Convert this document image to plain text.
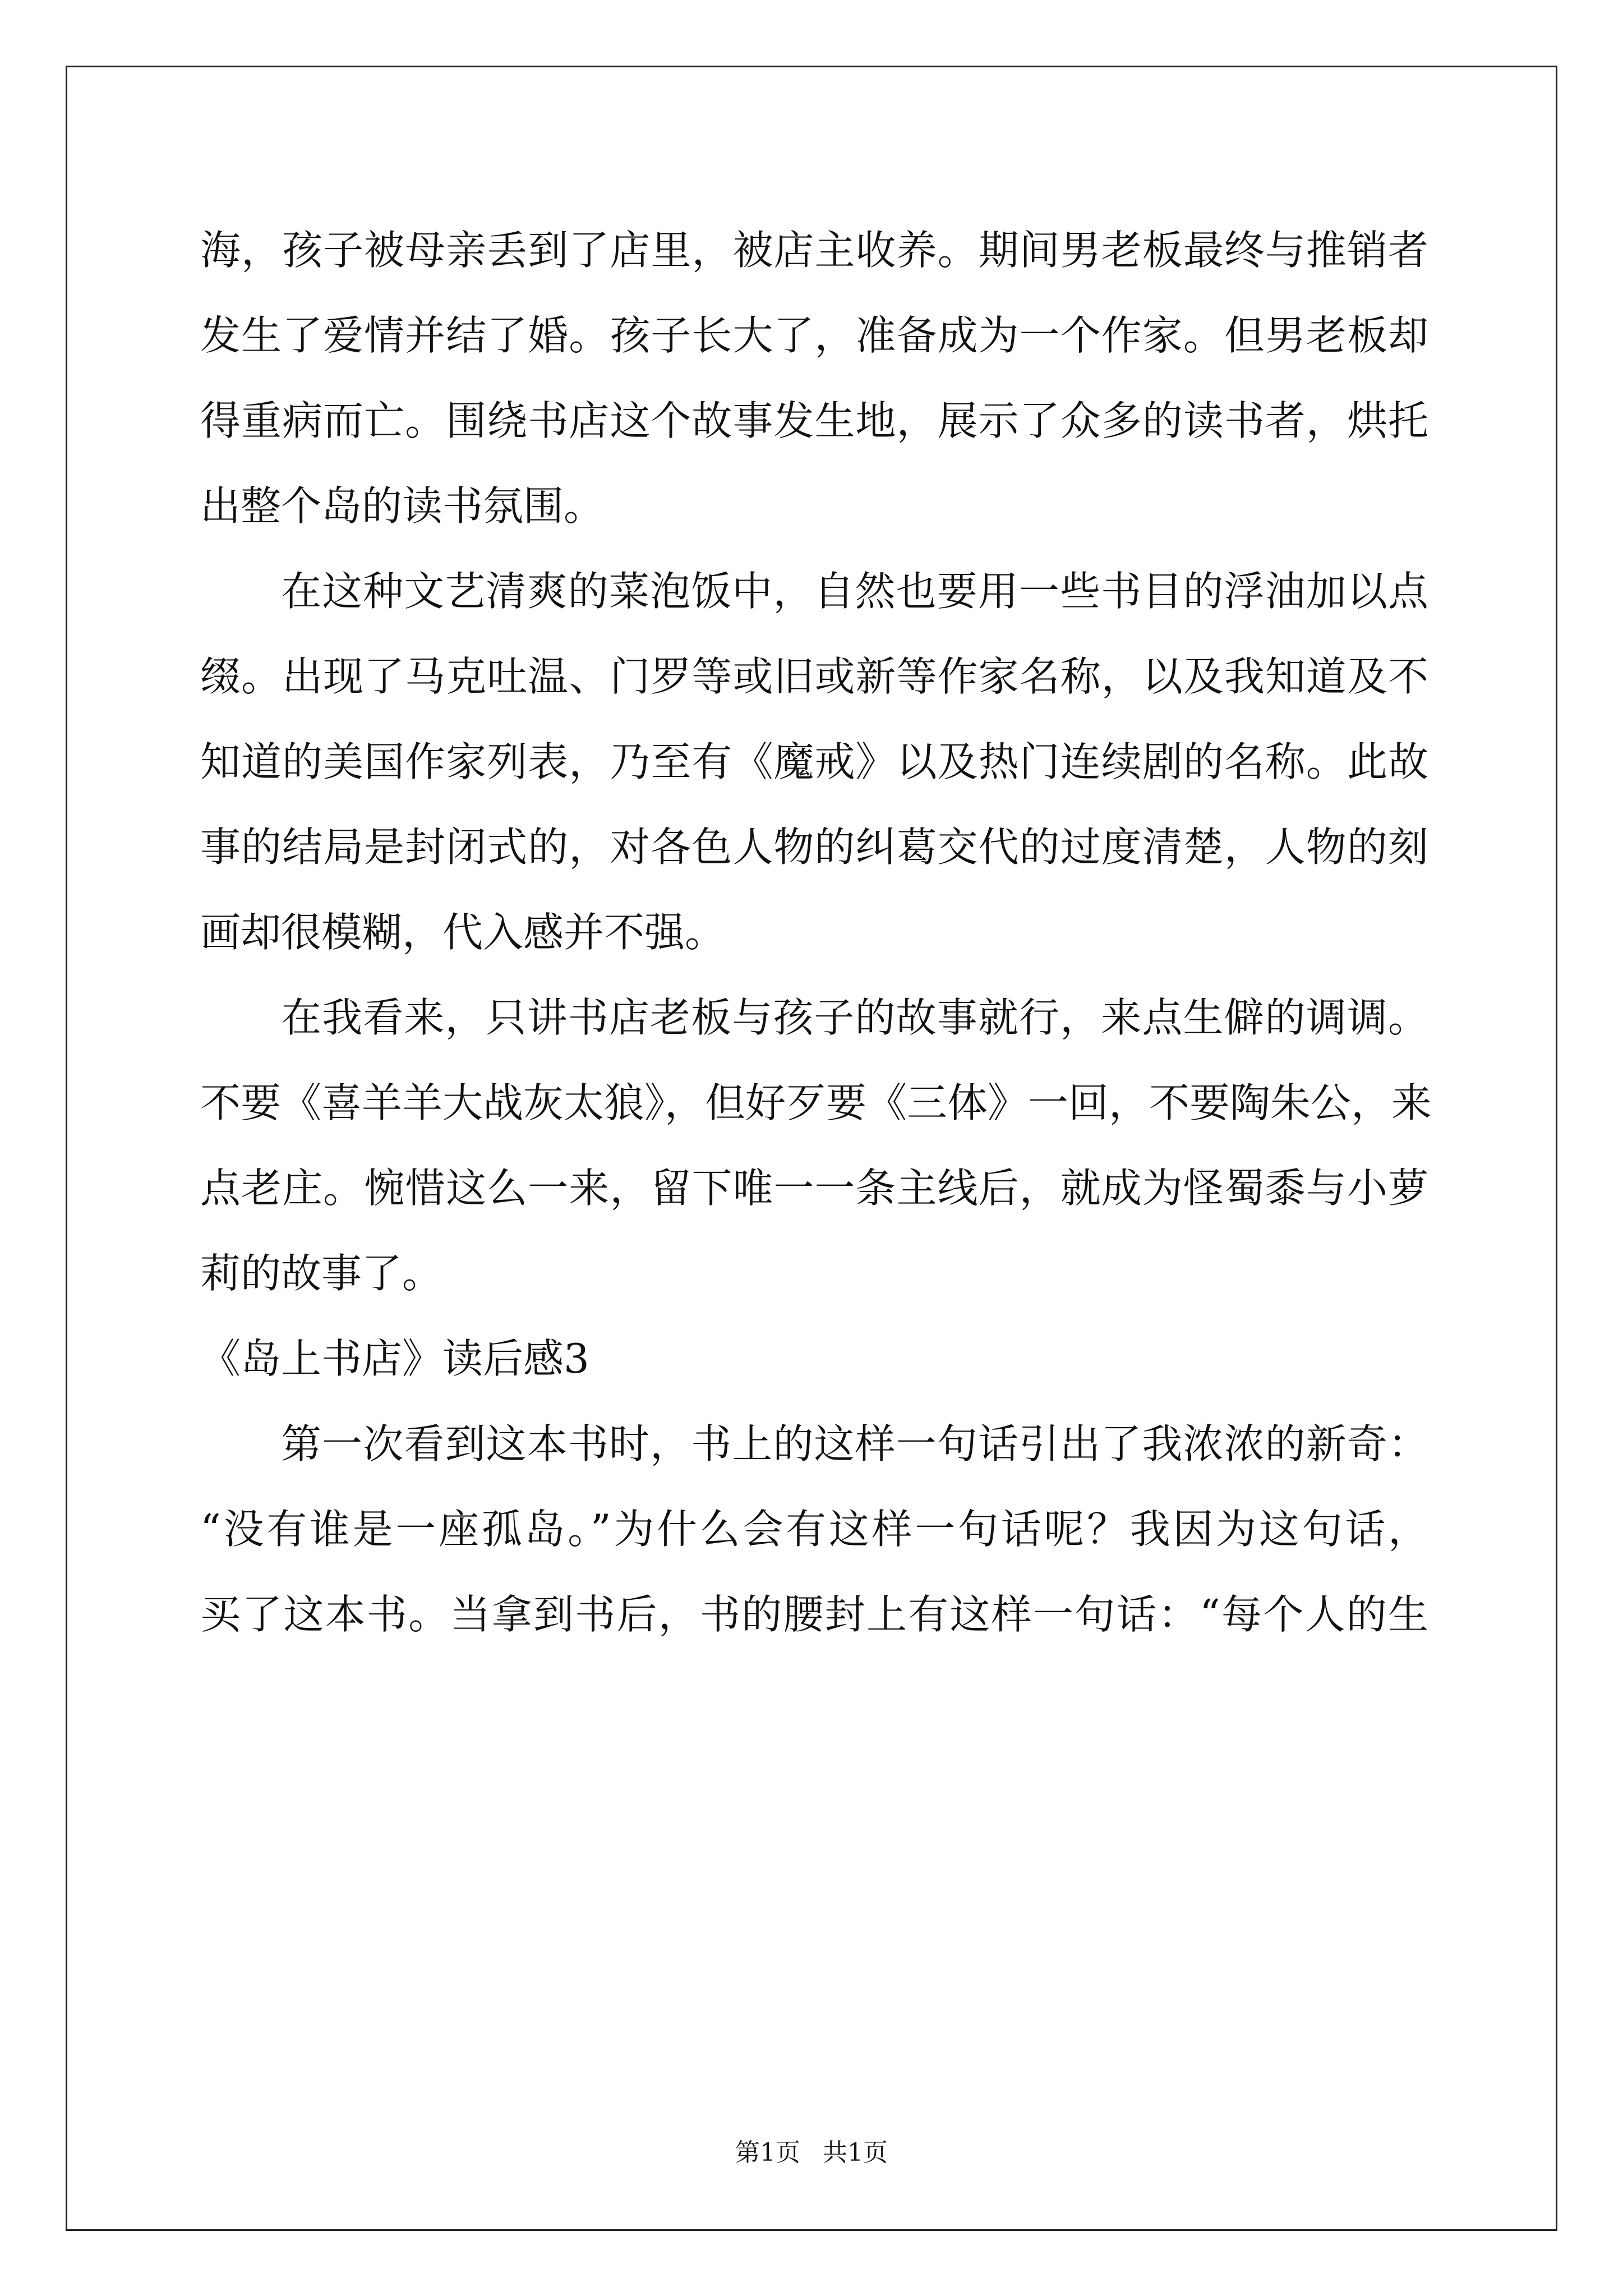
海，孩子被母亲丢到了店里，被店主收养。期间男老板最终与推销者
发生了爱情并结了婚。孩子长大了，准备成为一个作家。但男老板却
得重病而亡。围绕书店这个故事发生地，展示了众多的读书者，烘托
出整个岛的读书氛围。
在这种文艺清爽的菜泡饭中，自然也要用一些书目的浮油加以点
缀。出现了马克吐温、门罗等或旧或新等作家名称，以及我知道及不
知道的美国作家列表，乃至有《魔戒》以及热门连续剧的名称。此故
事的结局是封闭式的，对各色人物的纠葛交代的过度清楚，人物的刻
画却很模糊，代入感并不强。
在我看来，只讲书店老板与孩子的故事就行，来点生僻的调调。
不要《喜羊羊大战灰太狼》，但好歹要《三体》一回，不要陶朱公，来
点老庄。惋惜这么一来，留下唯一一条主线后，就成为怪蜀黍与小萝
莉的故事了。
《岛上书店》读后感3
第一次看到这本书时，书上的这样一句话引出了我浓浓的新奇：
“没有谁是一座孤岛。”为什么会有这样一句话呢？我因为这句话，
买了这本书。当拿到书后，书的腰封上有这样一句话：“每个人的生
第1页 共1页
